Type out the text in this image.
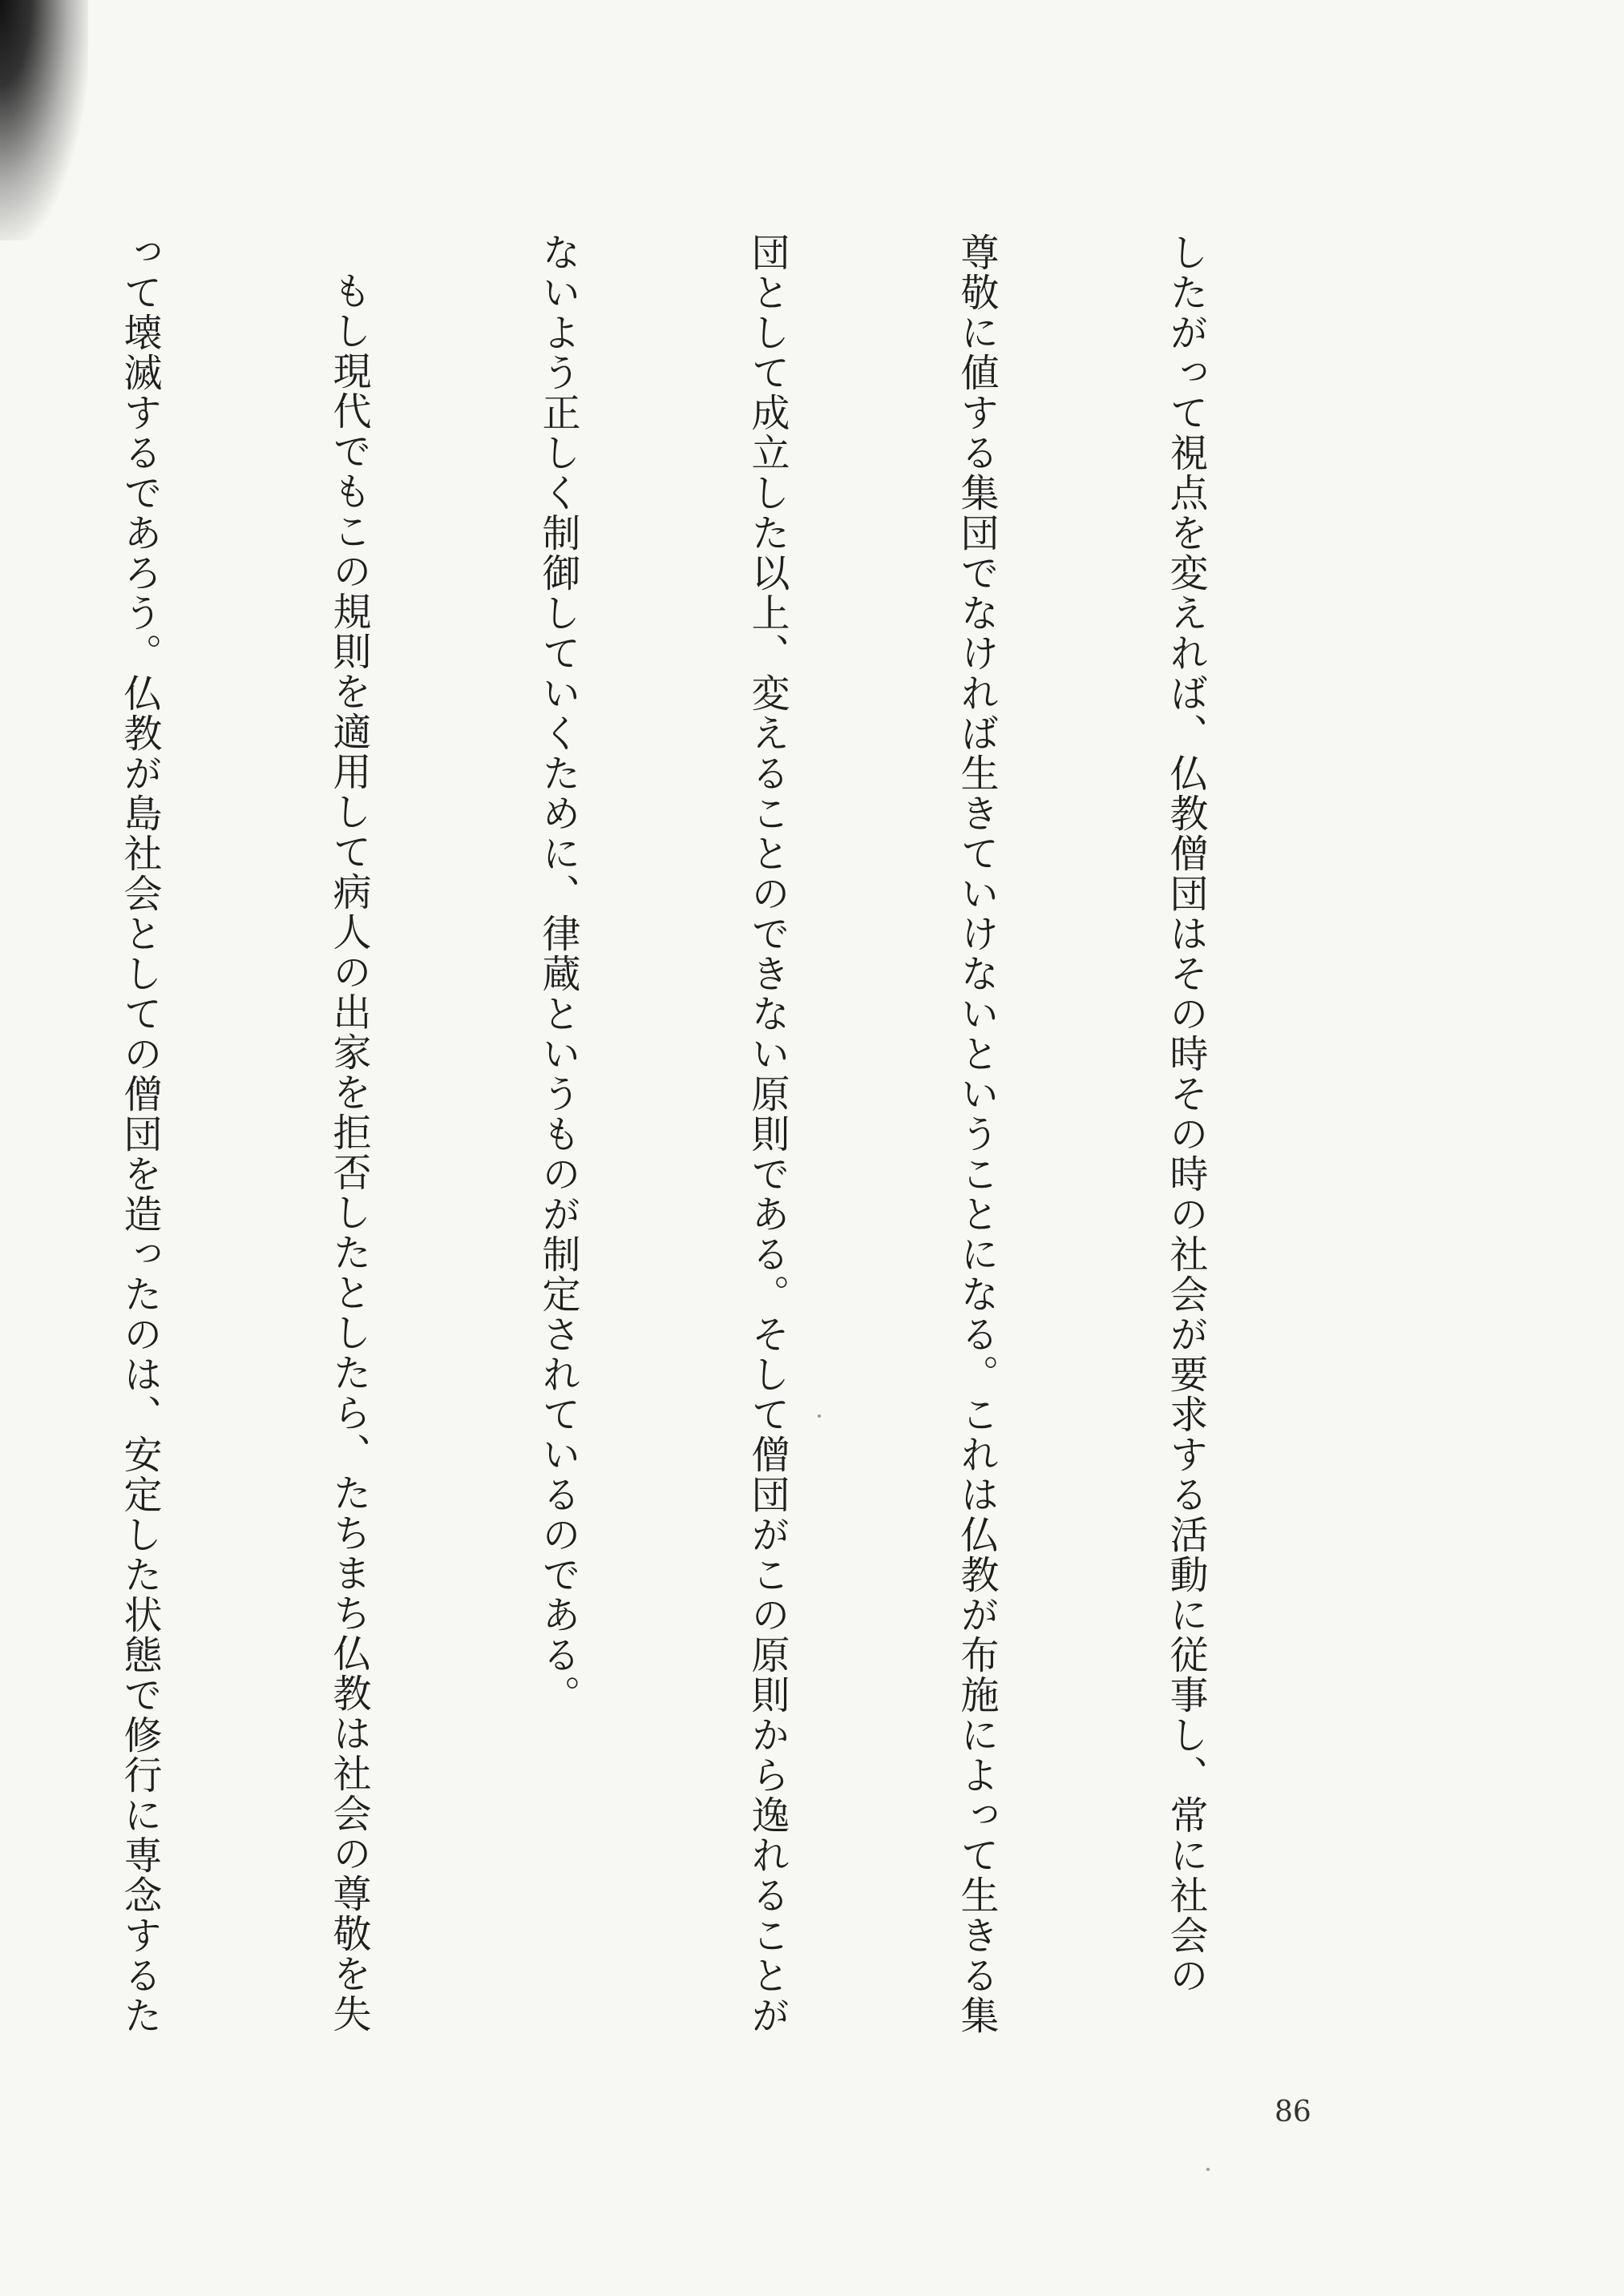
したがって視点を変えれば、仏教僧団はその時その時の社会が要求する活動に従事し、常に社会の

尊敬に値する集団でなければ生きていけないということになる。これは仏教が布施によって生きる集

団として成立した以上、変えることのできない原則である。そして僧団がこの原則から逸れることが

ないよう正しく制御していくために、律蔵というものが制定されているのである。

もし現代でもこの規則を適用して病人の出家を拒否したとしたら、たちまち仏教は社会の尊敬を失

って壊滅するであろう。仏教が島社会としての僧団を造ったのは、安定した状態で修行に専念するた

86
